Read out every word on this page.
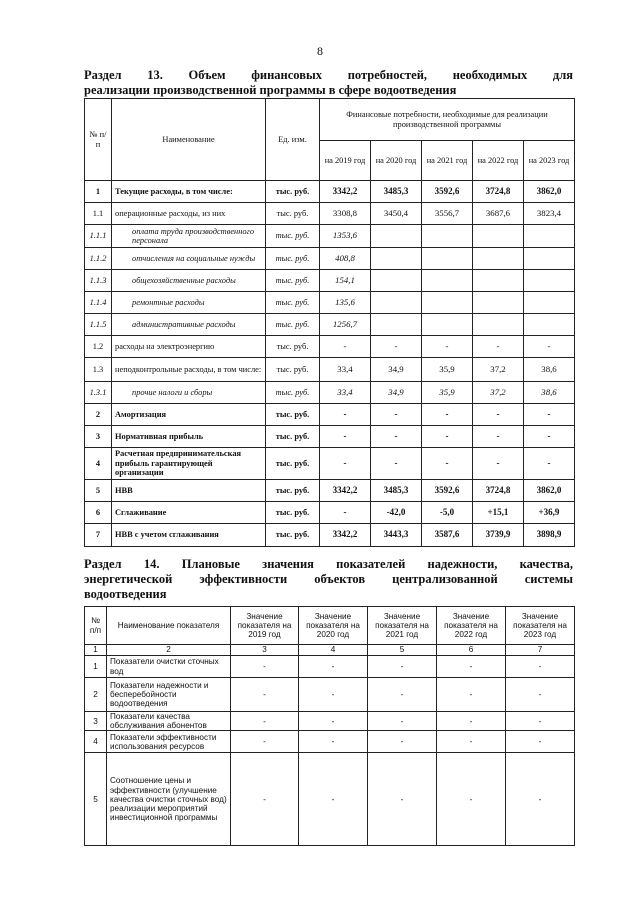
8
Раздел 13. Объем финансовых потребностей, необходимых для
реализации производственной программы в сфере водоотведения
№ п/п	Наименование	Ед. изм.	Финансовые потребности, необходимые для реализации производственной программы				
			на 2019 год	на 2020 год	на 2021 год	на 2022 год	на 2023 год
1	Текущие расходы, в том числе:	тыс. руб.	3342,2	3485,3	3592,6	3724,8	3862,0
1.1	операционные расходы, из них	тыс. руб.	3308,8	3450,4	3556,7	3687,6	3823,4
1.1.1	оплата труда производственного персонала	тыс. руб.	1353,6				
1.1.2	отчисления на социальные нужды	тыс. руб.	408,8				
1.1.3	общехозяйственные расходы	тыс. руб.	154,1				
1.1.4	ремонтные расходы	тыс. руб.	135,6				
1.1.5	административные расходы	тыс. руб.	1256,7				
1.2	расходы на электроэнергию	тыс. руб.	-	-	-	-	-
1.3	неподконтрольные расходы, в том числе:	тыс. руб.	33,4	34,9	35,9	37,2	38,6
1.3.1	прочие налоги и сборы	тыс. руб.	33,4	34,9	35,9	37,2	38,6
2	Амортизация	тыс. руб.	-	-	-	-	-
3	Нормативная прибыль	тыс. руб.	-	-	-	-	-
4	Расчетная предпринимательская прибыль гарантирующей организации	тыс. руб.	-	-	-	-	-
5	НВВ	тыс. руб.	3342,2	3485,3	3592,6	3724,8	3862,0
6	Сглаживание	тыс. руб.	-	-42,0	-5,0	+15,1	+36,9
7	НВВ с учетом сглаживания	тыс. руб.	3342,2	3443,3	3587,6	3739,9	3898,9
Раздел 14. Плановые значения показателей надежности, качества,
энергетической эффективности объектов централизованной системы
водоотведения
№ п/п	Наименование показателя	Значение показателя на 2019 год	Значение показателя на 2020 год	Значение показателя на 2021 год	Значение показателя на 2022 год	Значение показателя на 2023 год
1	2	3	4	5	6	7
1	Показатели очистки сточных вод	-	-	-	-	-
2	Показатели надежности и бесперебойности водоотведения	-	-	-	-	-
3	Показатели качества обслуживания абонентов	-	-	-	-	-
4	Показатели эффективности использования ресурсов	-	-	-	-	-
5	Соотношение цены и эффективности (улучшение качества очистки сточных вод) реализации мероприятий инвестиционной программы	-	-	-	-	-
